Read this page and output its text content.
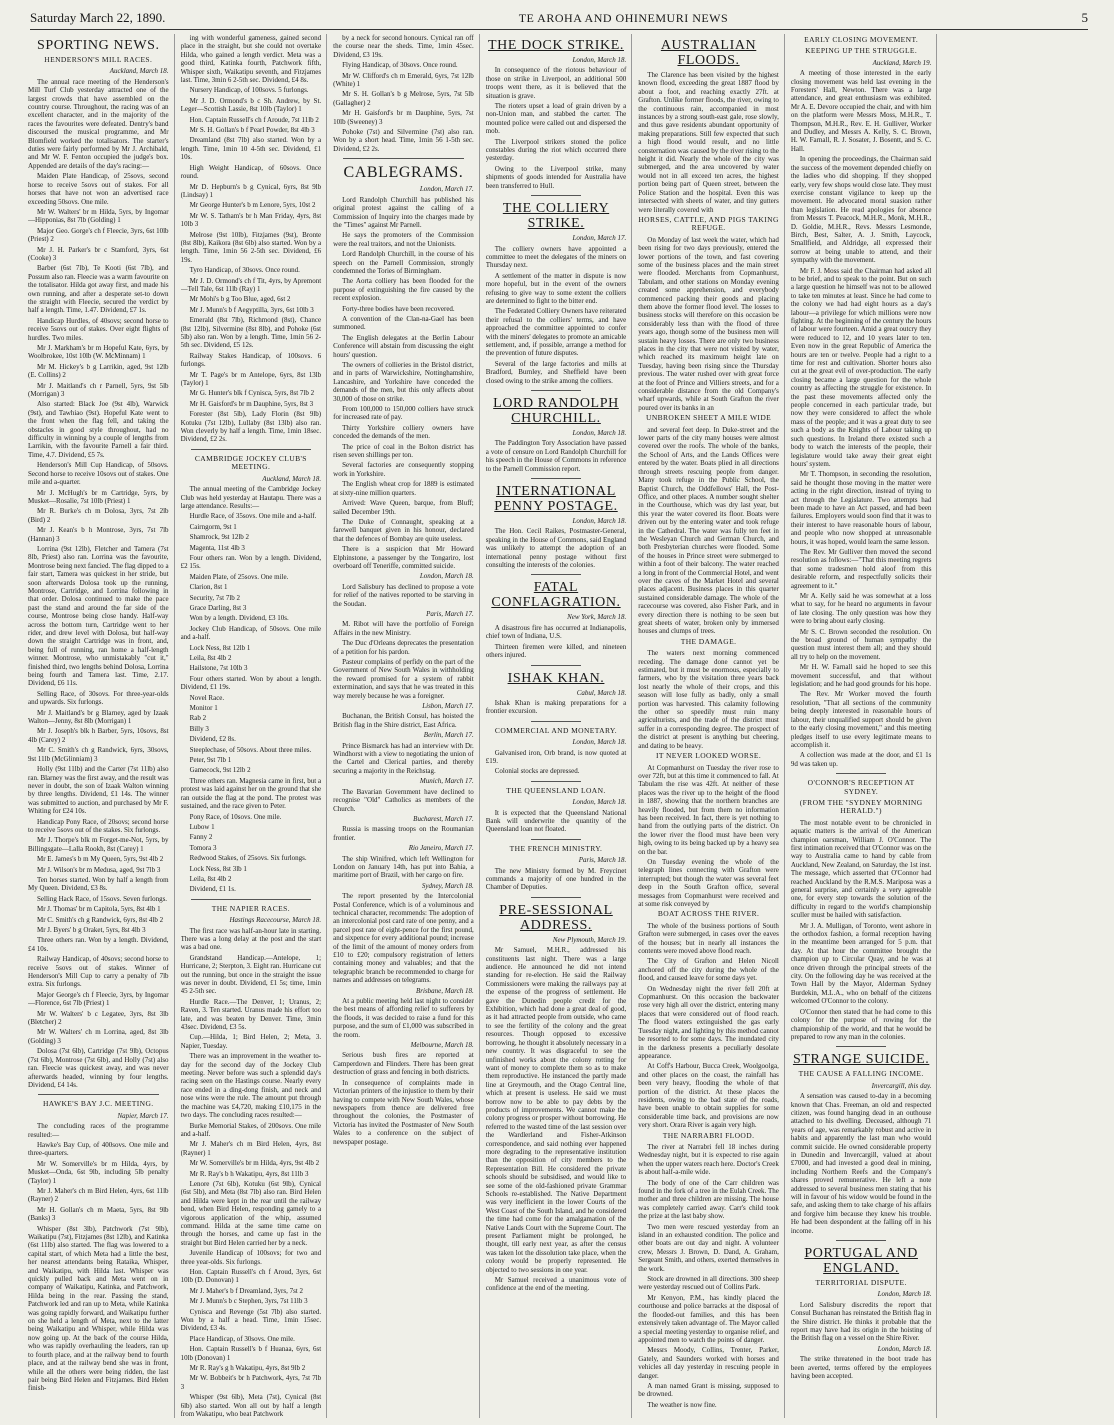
Saturday March 22, 1890.	TE AROHA AND OHINEMURI NEWS	5
SPORTING NEWS.
HENDERSON'S MILL RACES.
Auckland, March 18.

The annual race meeting of the Henderson's Mill Turf Club yesterday attracted one of the largest crowds that have assembled on the country course. Throughout, the racing was of an excellent character, and in the majority of the races the favourites were defeated. Dentry's band discoursed the musical programme, and Mr Blomfield worked the totalisators. The starter's duties were fairly performed by Mr J. Archibald, and Mr W. F. Fenton occupied the judge's box. Appended are details of the day's racing:—

Maiden Plate Handicap, of 25sovs, second horse to receive 5sovs out of stakes. For all horses that have not won an advertised race exceeding 50sovs. One mile.

Mr W. Walters' br m Hilda, 5yrs, by Ingomar—Hipponias, 8st 7lb (Golding) 1

Major Geo. Gorge's ch f Fleecie, 3yrs, 6st 10lb (Priest) 2

Mr J. H. Parker's br c Stamford, 3yrs, 6st (Cooke) 3

Barber (6st 7lb), Te Kooti (6st 7lb), and Possum also ran. Fleecie was a warm favourite on the totalisator. Hilda got away first, and made his own running, and after a desperate set-to down the straight with Fleecie, secured the verdict by half a length. Time, 1.47. Dividend, £7 1s.

Handicap Hurdles, of 40sovs; second horse to receive 5sovs out of stakes. Over eight flights of hurdles. Two miles.

Mr J. Markham's br m Hopeful Kate, 6yrs, by Woolbrokee, 10st 10lb (W. McMinnam) 1

Mr M. Hickey's b g Larrikin, aged, 9st 12lb (E. Collins) 2

Mr J. Maitland's ch r Parnell, 5yrs, 9st 5lb (Morrigan) 3

Also started: Black Joe (9st 4lb), Warwick (9st), and Tawhiao (9st). Hopeful Kate went to the front when the flag fell, and taking the obstacles in good style throughout, had no difficulty in winning by a couple of lengths from Larrikin, with the favourite Parnell a fair third. Time, 4.7. Dividend, £5 7s.

Henderson's Mill Cup Handicap, of 50sovs. Second horse to receive 10sovs out of stakes. One mile and a-quarter.

Mr J. McHugh's br m Cartridge, 5yrs, by Musket—Rosalie, 7st 10lb (Priest) 1

Mr R. Burke's ch m Dolosa, 3yrs, 7st 2lb (Bird) 2

Mr J. Kean's b h Montrose, 3yrs, 7st 7lb (Hannan) 3

Lorrina (9st 12lb), Fletcher and Tamera (7st 8lb, Priest) also ran. Lorrina was the favourite, Montrose being next fancied. The flag dipped to a fair start, Tamera was quickest in her stride, but soon afterwards Dolosa took up the running, Montrose, Cartridge, and Lorrina following in that order. Dolosa continued to make the pace past the stand and around the far side of the course, Montrose being close handy. Half-way across the bottom turn, Cartridge went to her rider, and drew level with Dolosa, but half-way down the straight Cartridge was in front, and, being full of running, ran home a half-length winner. Montrose, who unmistakably "cut it," finished third, two lengths behind Dolosa, Lorrina being fourth and Tamera last. Time, 2.17. Dividend, £6 11s.

Selling Race, of 30sovs. For three-year-olds and upwards. Six furlongs.

Mr J. Maitland's br g Blarney, aged by Izaak Walton—Jenny, 8st 8lb (Morrigan) 1

Mr J. Joseph's blk h Barber, 5yrs, 10sovs, 8st 4lb (Carey) 2

Mr C. Smith's ch g Randwick, 6yrs, 30sovs, 9st 11lb (McGlinniam) 3

Holly (9st 11lb) and the Carter (7st 11lb) also ran. Blarney was the first away, and the result was never in doubt, the son of Izaak Walton winning by three lengths. Dividend, £1 14s. The winner was submitted to auction, and purchased by Mr F. Whiting for £24 10s.

Handicap Pony Race, of 20sovs; second horse to receive 5sovs out of the stakes. Six furlongs.

Mr J. Thorpe's blk m Forget-me-Not, 5yrs, by Billingsgate—Lalla Rookh, 8st (Carey) 1

Mr E. James's b m My Queen, 5yrs, 9st 4lb 2

Mr J. Wilson's br m Medusa, aged, 9st 7lb 3

Ten horses started. Won by half a length from My Queen. Dividend, £3 8s.

Selling Hack Race, of 15sovs. Seven furlongs.

Mr J. Thomas' br m Capitola, 5yrs, 8st 4lb 1

Mr C. Smith's ch g Randwick, 6yrs, 8st 4lb 2

Mr J. Byers' b g Oraket, 5yrs, 8st 4lb 3

Three others ran. Won by a length. Dividend, £4 10s.

Railway Handicap, of 40sovs; second horse to receive 5sovs out of stakes. Winner of Henderson's Mill Cup to carry a penalty of 7lb extra. Six furlongs.

Major George's ch f Fleecie, 3yrs, by Ingomar—Florence, 6st 7lb (Priest) 1

Mr W. Walters' b c Legatee, 3yrs, 8st 3lb (Bletcher) 2

Mr W. Walters' ch m Lorrina, aged, 8st 3lb (Golding) 3

Dolosa (7st 6lb), Cartridge (7st 9lb), Octopus (7st 6lb), Montrose (7st 6lb), and Holly (7st) also ran. Fleecie was quickest away, and was never afterwards headed, winning by four lengths. Dividend, £4 14s.

HAWKE'S BAY J.C. MEETING.
Napier, March 17.

The concluding races of the programme resulted:—

Hawke's Bay Cup, of 400sovs. One mile and three-quarters.

Mr W. Somerville's br m Hilda, 4yrs, by Musket—Onda, 6st 9lb, including 5lb penalty (Taylor) 1

Mr J. Maher's ch m Bird Helen, 4yrs, 6st 11lb (Rayner) 2

Mr H. Gollan's ch m Maeta, 5yrs, 8st 9lb (Banks) 3

Whisper (8st 3lb), Patchwork (7st 9lb), Waikatipu (7st), Fitzjames (8st 12lb), and Katinka (6st 11lb) also started. The flag was lowered to a capital start, of which Meta had a little the best, her nearest attendants being Rataika, Whisper, and Waikatipu, with Hilda last. Whisper was quickly pulled back and Meta went on in company of Waikatipu, Katinka, and Patchwork, Hilda being in the rear. Passing the stand, Patchwork led and ran up to Meta, while Katinka was going rapidly forward, and Waikatipu further on she held a length of Meta, next to the latter being Waikatipu and Whisper, while Hilda was now going up. At the back of the course Hilda, who was rapidly overhauling the leaders, ran up to fourth place, and at the railway bend to fourth place, and at the railway bend she was in front, while all the others were being ridden, the last pair being Bird Helen and Fitzjames. Bird Helen finish-

ing with wonderful gameness, gained second place in the straight, but she could not overtake Hilda, who gained a length verdict. Meta was a good third, Katinka fourth, Patchwork fifth, Whisper sixth, Waikatipu seventh, and Fitzjames last. Time, 3min 6 2-5th sec. Dividend, £4 8s.

Nursery Handicap, of 100sovs. 5 furlongs.

Mr J. D. Ormond's b c Sh. Andrew, by St. Leger—Scottish Lassie, 8st 10lb (Taylor) 1

Hon. Captain Russell's ch f Aroude, 7st 11lb 2

Mr S. H. Gollan's b f Pearl Powder, 8st 4lb 3

Dreamland (8st 7lb) also started. Won by a length. Time, 1min 10 4-5th sec. Dividend, £1 10s.

High Weight Handicap, of 60sovs. Once round.

Mr D. Hepburn's b g Cynical, 6yrs, 8st 9lb (Lindsay) 1

Mr George Hunter's b m Lenore, 5yrs, 10st 2

Mr W. S. Tatham's br h Man Friday, 4yrs, 8st 10lb 3

Melrose (9st 10lb), Fitzjames (9st), Bronte (8st 8lb), Kaikora (8st 6lb) also started. Won by a length. Time, 1min 56 2-5th sec. Dividend, £6 19s.

Tyro Handicap, of 30sovs. Once round.

Mr J. D. Ormond's ch f Tit, 4yrs, by Apremont—Tell Tale, 6st 11lb (Ray) 1

Mr Mohi's b g Too Blue, aged, 6st 2

Mr J. Munn's b f Aegyptilla, 3yrs, 6st 10lb 3

Emerald (8st 7lb), Richmond (8st), Chance (8st 12lb), Silvermine (8st 8lb), and Pohoke (6st 5lb) also ran. Won by a length. Time, 1min 56 2-5th sec. Dividend, £5 12s.

Railway Stakes Handicap, of 100sovs. 6 furlongs.

Mr T. Page's br m Antelope, 6yrs, 8st 13lb (Taylor) 1

Mr G. Hunter's blk f Cynisca, 5yrs, 8st 7lb 2

Mr H. Gaisford's br m Dauphine, 5yrs, 8st 3

Forester (8st 5lb), Lady Florin (8st 9lb) Kotuku (7st 12lb), Lullaby (8st 13lb) also ran. Won cleverly by half a length. Time, 1min 18sec. Dividend, £2 2s.

CAMBRIDGE JOCKEY CLUB'S MEETING.
Auckland, March 18.

The annual meeting of the Cambridge Jockey Club was held yesterday at Hautapu. There was a large attendance. Results:—

Hurdle Race, of 35sovs. One mile and a-half.

Cairngorm, 9st 1

Shamrock, 9st 12lb 2

Magenta, 11st 4lb 3

Four others ran. Won by a length. Dividend, £2 15s.

Maiden Plate, of 25sovs. One mile.

Clarion, 8st 1

Security, 7st 7lb 2

Grace Darling, 8st 3

Won by a length. Dividend, £3 10s.

Jockey Club Handicap, of 50sovs. One mile and a-half.

Lock Ness, 8st 12lb 1

Leila, 8st 4lb 2

Hailstone, 7st 10lb 3

Four others started. Won by about a length. Dividend, £1 19s.

Novel Race.

Monitor 1

Rab 2

Billy 3

Dividend, £2 8s.

Steeplechase, of 50sovs. About three miles.

Peter, 9st 7lb 1

Gamecock, 9st 12lb 2

Three others ran. Magnesia came in first, but a protest was laid against her on the ground that she ran outside the flag at the pond. The protest was sustained, and the race given to Peter.

Pony Race, of 10sovs. One mile.

Lubow 1

Fanny 2

Tomora 3

Redwood Stakes, of 25sovs. Six furlongs.

Lock Ness, 8st 3lb 1

Leila, 8st 4lb 2

Dividend, £1 1s.

THE NAPIER RACES.
Hastings Racecourse, March 18.

The first race was half-an-hour late in starting. There was a long delay at the post and the start was a bad one.

Grandstand Handicap.—Antelope, 1; Hurricane, 2; Sterpton, 3. Eight ran. Hurricane cut out the running, but once in the straight the issue was never in doubt. Dividend, £1 5s; time, 1min 45 2-5th sec.

Hurdle Race.—The Denver, 1; Uranus, 2; Raven, 3. Ten started. Uranus made his effort too late, and was beaten by Denver. Time, 3min 43sec. Dividend, £3 5s.

Cup.—Hilda, 1; Bird Helen, 2; Meta, 3. Napier, Tuesday.

There was an improvement in the weather to-day for the second day of the Jockey Club meeting. Never before was such a splendid day's racing seen on the Hastings course. Nearly every race ended in a ding-dong finish, and neck and nose wins were the rule. The amount put through the machine was £4,720, making £10,175 in the two days. The concluding races resulted:—

Burke Memorial Stakes, of 200sovs. One mile and a-half.

Mr J. Maher's ch m Bird Helen, 4yrs, 8st (Rayner) 1

Mr W. Somerville's br m Hilda, 4yrs, 9st 4lb 2

Mr R. Ray's b h Wakatipu, 4yrs, 8st 11lb 3

Lenore (7st 6lb), Kotuku (6st 9lb), Cynical (6st 5lb), and Meta (8st 7lb) also ran. Bird Helen and Hilda were kept in the rear until the railway bend, when Bird Helen, responding gamely to a vigorous application of the whip, assumed command. Hilda at the same time came on through the horses, and came up fast in the straight but Bird Helen carried her by a neck.

Juvenile Handicap of 100sovs; for two and three year-olds. Six furlongs.

Hon. Captain Russell's ch f Aroud, 3yrs, 6st 10lb (D. Donovan) 1

Mr J. Maher's b f Dreamland, 3yrs, 7st 2

Mr J. Munn's b c Stephen, 3yrs, 7st 11lb 3

Cynisca and Revenge (5st 7lb) also started. Won by a half a head. Time, 1min 15sec. Dividend, £3 4s.

Place Handicap, of 30sovs. One mile.

Hon. Captain Russell's b f Huanaa, 6yrs, 6st 10lb (Donovan) 1

Mr R. Ray's g h Wakatipu, 4yrs, 8st 9lb 2

Mr W. Bobbeit's br h Patchwork, 4yrs, 7st 7lb 3

Whisper (9st 6lb), Meta (7st), Cynical (8st 6lb) also started. Won all out by half a length from Wakatipu, who beat Patchwork

by a neck for second honours. Cynical ran off the course near the sheds. Time, 1min 45sec. Dividend, £3 19s.

Flying Handicap, of 30sovs. Once round.

Mr W. Clifford's ch m Emerald, 6yrs, 7st 12lb (White) 1

Mr S. H. Gollan's b g Melrose, 5yrs, 7st 5lb (Gallagher) 2

Mr H. Gaisford's br m Dauphine, 5yrs, 7st 10lb (Sweeney) 3

Pohoke (7st) and Silvermine (7st) also ran. Won by a short head. Time, 1min 56 1-5th sec. Dividend, £2 2s.

CABLEGRAMS.
London, March 17.

Lord Randolph Churchill has published his original protest against the calling of a Commission of Inquiry into the charges made by the "Times" against Mr Parnell.

He says the promoters of the Commission were the real traitors, and not the Unionists.

Lord Randolph Churchill, in the course of his speech on the Parnell Commission, strongly condemned the Tories of Birmingham.

The Aorta colliery has been flooded for the purpose of extinguishing the fire caused by the recent explosion.

Forty-three bodies have been recovered.

A convention of the Clan-na-Gael has been summoned.

The English delegates at the Berlin Labour Conference will abstain from discussing the eight hours' question.

The owners of collieries in the Bristol district, and in parts of Warwickshire, Nottinghamshire, Lancashire, and Yorkshire have conceded the demands of the men, but this only affects about 30,000 of those on strike.

From 100,000 to 150,000 colliers have struck for increased rate of pay.

Thirty Yorkshire colliery owners have conceded the demands of the men.

The price of coal in the Bolton district has risen seven shillings per ton.

Several factories are consequently stopping work in Yorkshire.

The English wheat crop for 1889 is estimated at sixty-nine million quarters.

Arrived: Wave Queen, barque, from Bluff; sailed December 19th.

The Duke of Connaught, speaking at a farewell banquet given in his honour, declared that the defences of Bombay are quite useless.

There is a suspicion that Mr Howard Elphinstone, a passenger by the Tongariro, lost overboard off Teneriffe, committed suicide.

London, March 18.

Lord Salisbury has declined to propose a vote for relief of the natives reported to be starving in the Soudan.

Paris, March 17.

M. Ribot will have the portfolio of Foreign Affairs in the new Ministry.

The Duc d'Orleans deprecates the presentation of a petition for his pardon.

Pasteur complains of perfidy on the part of the Government of New South Wales in withholding the reward promised for a system of rabbit extermination, and says that he was treated in this way merely because he was a foreigner.

Lisbon, March 17.

Buchanan, the British Consul, has hoisted the British flag in the Shire district, East Africa.

Berlin, March 17.

Prince Bismarck has had an interview with Dr. Windhorst with a view to negotiating the union of the Cartel and Clerical parties, and thereby securing a majority in the Reichstag.

Munich, March 17.

The Bavarian Government have declined to recognise "Old" Catholics as members of the Church.

Bucharest, March 17.

Russia is massing troops on the Roumanian frontier.

Rio Janeiro, March 17.

The ship Winifred, which left Wellington for London on January 14th, has put into Bahia, a maritime port of Brazil, with her cargo on fire.

Sydney, March 18.

The report presented by the Intercolonial Postal Conference, which is of a voluminous and technical character, recommends: The adoption of an intercolonial post card rate of one penny, and a parcel post rate of eight-pence for the first pound, and sixpence for every additional pound; increase of the limit of the amount of money orders from £10 to £20; compulsory registration of letters containing money and valuables; and that the telegraphic branch be recommended to charge for names and addresses on telegrams.

Brisbane, March 18.

At a public meeting held last night to consider the best means of affording relief to sufferers by the floods, it was decided to raise a fund for this purpose, and the sum of £1,000 was subscribed in the room.

Melbourne, March 18.

Serious bush fires are reported at Camperdown and Flinders. There has been great destruction of grass and fencing in both districts.

In consequence of complaints made in Victorian printers of the injustice to them by their having to compete with New South Wales, whose newspapers from thence are delivered free throughout the colonies, the Postmaster of Victoria has invited the Postmaster of New South Wales to a conference on the subject of newspaper postage.

THE DOCK STRIKE.
London, March 18.

In consequence of the riotous behaviour of those on strike in Liverpool, an additional 500 troops went there, as it is believed that the situation is grave.

The rioters upset a load of grain driven by a non-Union man, and stabbed the carter. The mounted police were called out and dispersed the mob.

The Liverpool strikers stoned the police constables during the riot which occurred there yesterday.

Owing to the Liverpool strike, many shipments of goods intended for Australia have been transferred to Hull.

THE COLLIERY STRIKE.
London, March 17.

The colliery owners have appointed a committee to meet the delegates of the miners on Thursday next.

A settlement of the matter in dispute is now more hopeful, but in the event of the owners refusing to give way to some extent the colliers are determined to fight to the bitter end.

The Federated Colliery Owners have reiterated their refusal to the colliers' terms, and have approached the committee appointed to confer with the miners' delegates to promote an amicable settlement, and, if possible, arrange a method for the prevention of future disputes.

Several of the large factories and mills at Bradford, Burnley, and Sheffield have been closed owing to the strike among the colliers.

LORD RANDOLPH CHURCHILL.
London, March 18.

The Paddington Tory Association have passed a vote of censure on Lord Randolph Churchill for his speech in the House of Commons in reference to the Parnell Commission report.

INTERNATIONAL PENNY POSTAGE.
London, March 18.

The Hon. Cecil Raikes, Postmaster-General, speaking in the House of Commons, said England was unlikely to attempt the adoption of an international penny postage without first consulting the interests of the colonies.

FATAL CONFLAGRATION.
New York, March 18.

A disastrous fire has occurred at Indianapolis, chief town of Indiana, U.S.

Thirteen firemen were killed, and nineteen others injured.

ISHAK KHAN.
Cabul, March 18.

Ishak Khan is making preparations for a frontier excursion.

COMMERCIAL AND MONETARY.
London, March 18.

Galvanised iron, Orb brand, is now quoted at £19.

Colonial stocks are depressed.

THE QUEENSLAND LOAN.
London, March 18.

It is expected that the Queensland National Bank will underwrite the quantity of the Queensland loan not floated.

THE FRENCH MINISTRY.
Paris, March 18.

The new Ministry formed by M. Freycinet commands a majority of one hundred in the Chamber of Deputies.

PRE-SESSIONAL ADDRESS.
New Plymouth, March 19.

Mr Samuel, M.H.R., addressed his constituents last night. There was a large audience. He announced he did not intend standing for re-election. He said the Railway Commissioners were making the railways pay at the expense of the progress of settlement. He gave the Dunedin people credit for the Exhibition, which had done a great deal of good, as it had attracted people from outside, who came to see the fertility of the colony and the great resources. Though opposed to excessive borrowing, he thought it absolutely necessary in a new country. It was disgraceful to see the unfinished works about the colony rotting for want of money to complete them so as to make them reproductive. He instanced the partly made line at Greymouth, and the Otago Central line, which at present is useless. He said we must borrow now to be able to pay debts by the products of improvements. We cannot make the colony progress or prosper without borrowing. He referred to the wasted time of the last session over the Wardlerland and Fisher-Atkinson correspondence, and said nothing ever happened more degrading to the representative institution than the opposition of city members to the Representation Bill. He considered the private schools should be subsidised, and would like to see some of the old-fashioned private Grammar Schools re-established. The Native Department was very inefficient in the lower Courts of the West Coast of the South Island, and he considered the time had come for the amalgamation of the Native Lands Court with the Supreme Court. The present Parliament might be prolonged, he thought, till early next year, as after the census was taken lot the dissolution take place, when the colony would be properly represented. He objected to two sessions in one year.

Mr Samuel received a unanimous vote of confidence at the end of the meeting.

AUSTRALIAN FLOODS.

The Clarence has been visited by the highest known flood, exceeding the great 1887 flood by about a foot, and reaching exactly 27ft. at Grafton. Unlike former floods, the river, owing to the continuous rain, accompanied in most instances by a strong south-east gale, rose slowly, and thus gave residents abundant opportunity of making preparations. Still few expected that such a high flood would result, and no little consternation was caused by the river rising to the height it did. Nearly the whole of the city was submerged, and the area uncovered by water would not in all exceed ten acres, the highest portion being part of Queen street, between the Police Station and the hospital. Even this was intersected with sheets of water, and tiny gutters were literally covered with

HORSES, CATTLE, AND PIGS TAKING REFUGE.

On Monday of last week the water, which had been rising for two days previously, entered the lower portions of the town, and fast covering some of the business places and the main street were flooded. Merchants from Copmanhurst, Tabulam, and other stations on Monday evening created some apprehension, and everybody commenced packing their goods and placing them above the former flood level. The losses to business stocks will therefore on this occasion be considerably less than with the flood of three years ago, though some of the business men will sustain heavy losses. There are only two business places in the city that were not visited by water, which reached its maximum height late on Tuesday, having been rising since the Thursday previous. The water rushed over with great force at the foot of Prince and Villiers streets, and for a considerable distance from the old Company's wharf upwards, while at South Grafton the river poured over its banks in an

UNBROKEN SHEET A MILE WIDE

and several feet deep. In Duke-street and the lower parts of the city many houses were almost covered over the roofs. The whole of the banks, the School of Arts, and the Lands Offices were entered by the water. Boats plied in all directions through streets rescuing people from danger. Many took refuge in the Public School, the Baptist Church, the Oddfellows' Hall, the Post-Office, and other places. A number sought shelter in the Courthouse, which was dry last year, but this year the water covered its floor. Boats were driven out by the entering water and took refuge in the Cathedral. The water was fully ten feet in the Wesleyan Church and German Church, and both Presbyterian churches were flooded. Some of the houses in Prince street were submerged to within a foot of their balcony. The water reached a long in front of the Commercial Hotel, and went over the caves of the Market Hotel and several places adjacent. Business places in this quarter sustained considerable damage. The whole of the racecourse was covered, also Fisher Park, and in every direction there is nothing to be seen but great sheets of water, broken only by immersed houses and clumps of trees.

THE DAMAGE.

The waters next morning commenced receding. The damage done cannot yet be estimated, but it must be enormous, especially to farmers, who by the visitation three years back lost nearly the whole of their crops, and this season will lose fully as badly, only a small portion was harvested. This calamity following the other so speedily must ruin many agriculturists, and the trade of the district must suffer in a corresponding degree. The prospect of the district at present is anything but cheering, and dating to be heavy.

IT NEVER LOOKED WORSE.

At Copmanhurst on Tuesday the river rose to over 72ft, but at this time it commenced to fall. At Tabulam the rise was 42ft. At neither of these places was the river up to the height of the flood in 1887, showing that the northern branches are heavily flooded, but from them no information has been received. In fact, there is yet nothing to hand from the outlying parts of the district. On the lower river the flood must have been very high, owing to its being backed up by a heavy sea on the bar.

On Tuesday evening the whole of the telegraph lines connecting with Grafton were interrupted; but though the water was several feet deep in the South Grafton office, several messages from Copmanhurst were received and at some risk conveyed by

BOAT ACROSS THE RIVER.

The whole of the business portions of South Grafton were submerged, in cases over the eaves of the houses; but in nearly all instances the contents were moved above flood reach.

The City of Grafton and Helen Nicoll anchored off the city during the whole of the flood, and caused leave for some days yet.

On Wednesday night the river fell 20ft at Copmanhurst. On this occasion the backwater rose very high all over the district, entering many places that were considered out of flood reach. The flood waters extinguished the gas early Tuesday night, and lighting by this method cannot be resorted to for some days. The inundated city in the darkness presents a peculiarly desolate appearance.

At Coff's Harbour, Bucca Creek, Woolgoolga, and other places on the coast, the rainfall has been very heavy, flooding the whole of that portion of the district. At these places the residents, owing to the bad state of the roads, have been unable to obtain supplies for some considerable time back, and provisions are now very short. Orara River is again very high.

THE NARRABRI FLOOD.

The river at Narrabri fell 18 inches during Wednesday night, but it is expected to rise again when the upper waters reach here. Doctor's Creek is about half-a-mile wide.

The body of one of the Carr children was found in the fork of a tree in the Eulah Creek. The mother and three children are missing. The house was completely carried away. Carr's child took the prize at the last baby show.

Two men were rescued yesterday from an island in an exhausted condition. The police and other boats are out day and night. A volunteer crew, Messrs J. Brown, D. Dand, A. Graham, Sergeant Smith, and others, exerted themselves in the work.

Stock are drowned in all directions. 300 sheep were yesterday rescued out of Collins Park.

Mr Kenyon, P.M., has kindly placed the courthouse and police barracks at the disposal of the flooded-out families, and this has been extensively taken advantage of. The Mayor called a special meeting yesterday to organise relief, and appointed men to watch the points of danger.

Messrs Moody, Collins, Trenter, Parker, Gately, and Saunders worked with horses and vehicles all day yesterday in rescuing people in danger.

A man named Grant is missing, supposed to be drowned.

The weather is now fine.

EARLY CLOSING MOVEMENT.
KEEPING UP THE STRUGGLE.
Auckland, March 19.

A meeting of those interested in the early closing movement was held last evening in the Foresters' Hall, Newton. There was a large attendance, and great enthusiasm was exhibited. Mr A. E. Devore occupied the chair, and with him on the platform were Messrs Moss, M.H.R., T. Thompson, M.H.R., Rev. E. H. Gulliver, Worker and Dudley, and Messrs A. Kelly, S. C. Brown, H. W. Farnall, R. J. Sosater, J. Bosentt, and S. C. Hall.

In opening the proceedings, the Chairman said the success of the movement depended chiefly on the ladies who did shopping. If they shopped early, very few shops would close late. They must exercise constant vigilance to keep up the movement. He advocated moral suasion rather than legislation. He read apologies for absence from Messrs T. Peacock, M.H.R., Monk, M.H.R., D. Goldie, M.H.R., Revs. Messrs Lesmonde, Birch, Best, Salter, A. J. Smith, Laycock, Smallfield, and Aldridge, all expressed their sorrow at being unable to attend, and their sympathy with the movement.

Mr F. J. Moss said the Chairman had asked all to be brief, and to speak to the point. But on such a large question he himself was not to be allowed to take ten minutes at least. Since he had come to the colony we had had eight hours as a day's labour—a privilege for which millions were now fighting. At the beginning of the century the hours of labour were fourteen. Amid a great outcry they were reduced to 12, and 10 years later to ten. Even now in the great Republic of America the hours are ten or twelve. People had a right to a time for rest and cultivation. Shorter hours also cut at the great evil of over-production. The early closing became a large question for the whole country as affecting the struggle for existence. In the past these movements affected only the people concerned in each particular trade, but now they were considered to affect the whole mass of the people; and it was a great duty to see such a body as the Knights of Labour taking up such questions. In Ireland there existed such a body to watch the interests of the people, their legislature would take away their great eight hours' system.

Mr T. Thompson, in seconding the resolution, said he thought those moving in the matter were acting in the right direction, instead of trying to act through the Legislature. Two attempts had been made to have an Act passed, and had been failures. Employers would soon find that it was to their interest to have reasonable hours of labour, and people who now shopped at unreasonable hours, it was hoped, would learn the same lesson.

The Rev. Mr Gulliver then moved the second resolution as follows:—"That this meeting regrets that some tradesmen hold aloof from this desirable reform, and respectfully solicits their agreement to it."

Mr A. Kelly said he was somewhat at a loss what to say, for he heard no arguments in favour of late closing. The only question was how they were to bring about early closing.

Mr S. C. Brown seconded the resolution. On the broad ground of human sympathy the question must interest them all; and they should all try to help on the movement.

Mr H. W. Farnall said he hoped to see this movement successful, and that without legislation; and he had good grounds for his hope.

The Rev. Mr Worker moved the fourth resolution, "That all sections of the community being deeply interested in reasonable hours of labour, their unqualified support should be given to the early closing movement," and this meeting pledges itself to use every legitimate means to accomplish it.

A collection was made at the door, and £1 1s 9d was taken up.

O'CONNOR'S RECEPTION AT SYDNEY.
(FROM THE "SYDNEY MORNING HERALD.")

The most notable event to be chronicled in aquatic matters is the arrival of the American champion oarsman, William J. O'Connor. The first intimation received that O'Connor was on the way to Australia came to hand by cable from Auckland, New Zealand, on Saturday, the 1st inst. The message, which asserted that O'Connor had reached Auckland by the R.M.S. Mariposa was a general surprise, and certainly a very agreeable one, for every step towards the solution of the difficulty in regard to the world's championship sculler must be hailed with satisfaction.

Mr J. A. Mulligan, of Toronto, went ashore in the orthodox fashion, a formal reception having in the meantime been arranged for 5 p.m. that day. At that hour the committee brought the champion up to Circular Quay, and he was at once driven through the principal streets of the city. On the following day he was received at the Town Hall by the Mayor, Alderman Sydney Burdekin, M.L.A., who on behalf of the citizens welcomed O'Connor to the colony.

O'Connor then stated that he had come to this colony for the purpose of rowing for the championship of the world, and that he would be prepared to row any man in the colonies.

STRANGE SUICIDE.
THE CAUSE A FALLING INCOME.
Invercargill, this day.

A sensation was caused to-day in a becoming known that Chas. Freeman, an old and respected citizen, was found hanging dead in an outhouse attached to his dwelling. Deceased, although 71 years of age, was remarkably robust and active in habits and apparently the last man who would commit suicide. He owned considerable property in Dunedin and Invercargill, valued at about £7000, and had invested a good deal in mining, including Northern Reefs and the Company's shares proved remunerative. He left a note addressed to several business men stating that his will in favour of his widow would be found in the safe, and asking them to take charge of his affairs and forgive him because they knew his trouble. He had been despondent at the falling off in his income.

PORTUGAL AND ENGLAND.
TERRITORIAL DISPUTE.
London, March 18.

Lord Salisbury discredits the report that Consul Buchanan has reinstated the British flag in the Shire district. He thinks it probable that the report may have had its origin in the hoisting of the British flag on a vessel on the Shire River.

London, March 18.

The strike threatened in the boot trade has been averted, terms offered by the employees having been accepted.
